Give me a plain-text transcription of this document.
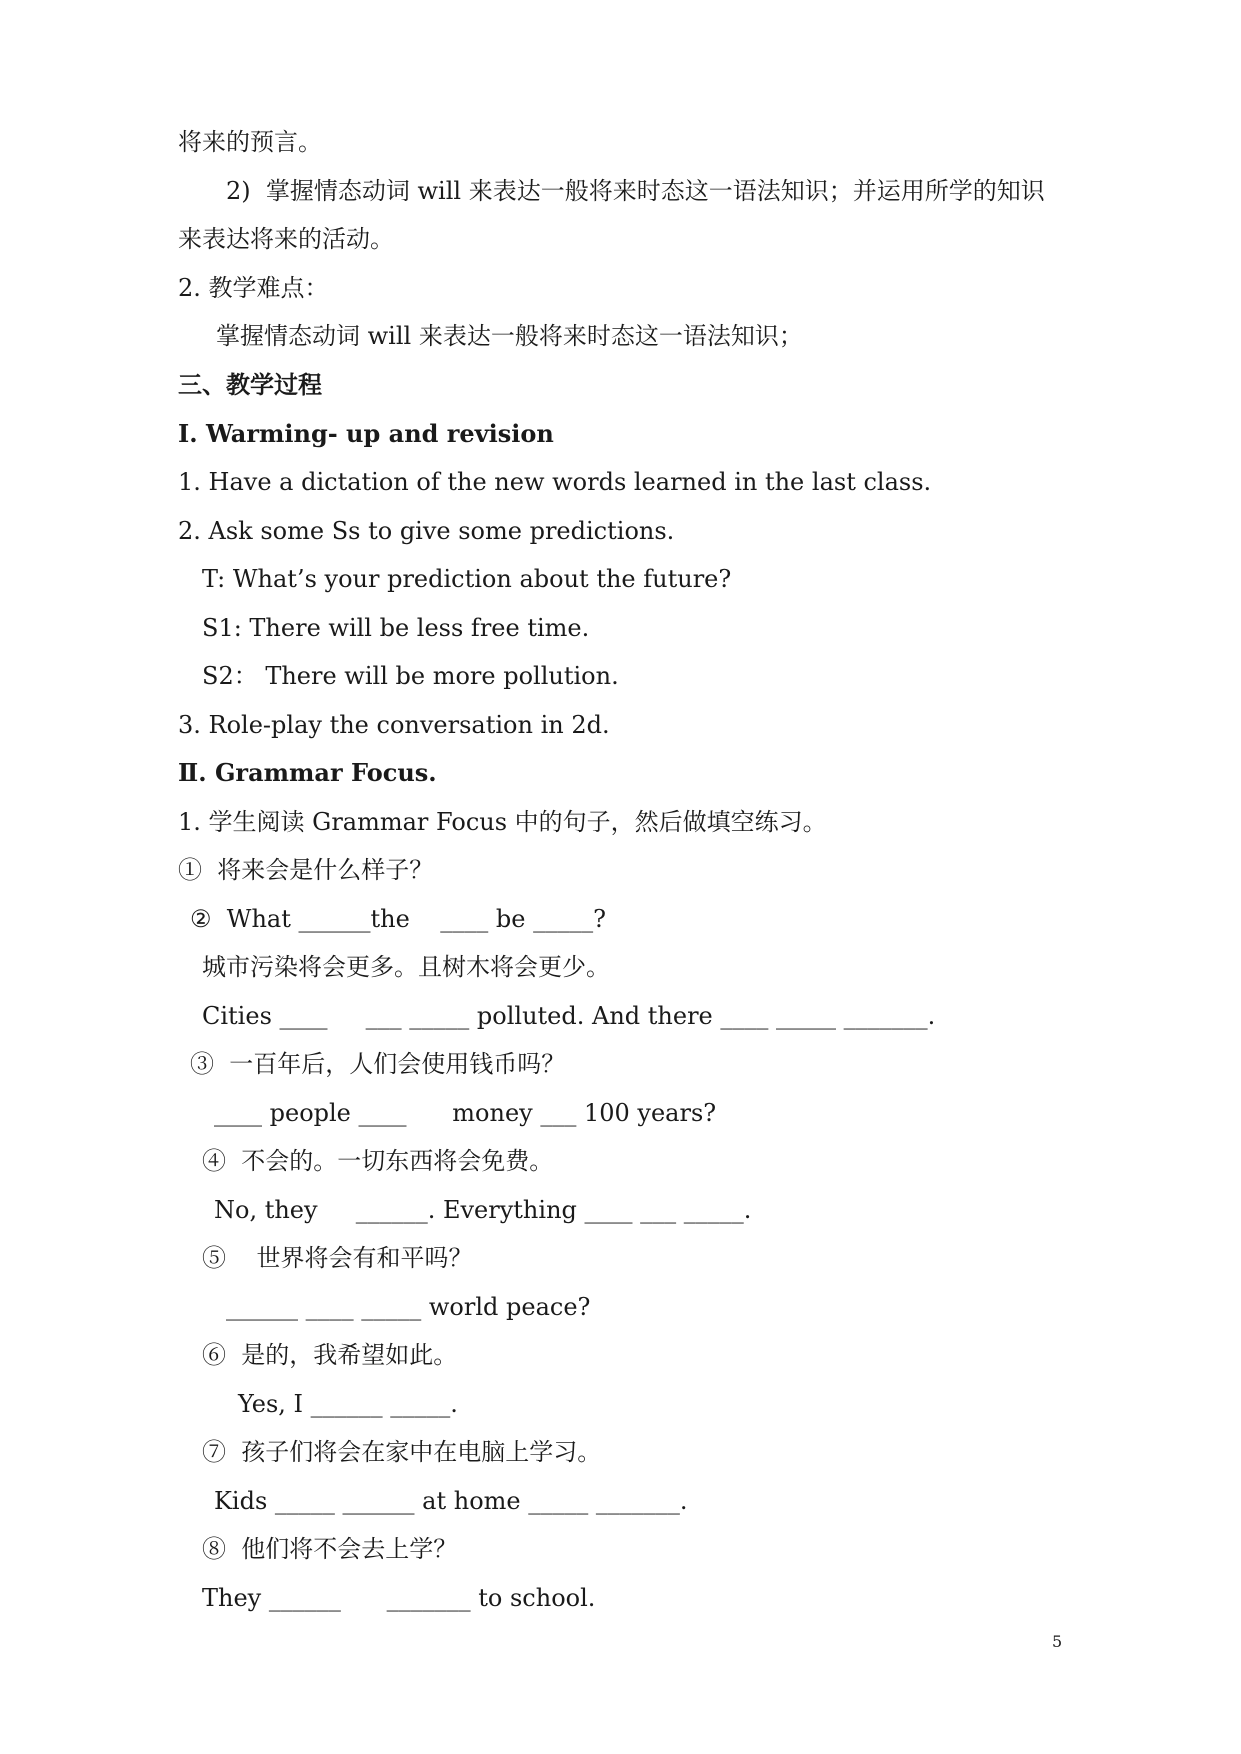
将来的预言。
2)  掌握情态动词 will 来表达一般将来时态这一语法知识；并运用所学的知识
来表达将来的活动。
2. 教学难点：
掌握情态动词 will 来表达一般将来时态这一语法知识；
三、教学过程
Ⅰ. Warming- up and revision
1. Have a dictation of the new words learned in the last class.
2. Ask some Ss to give some predictions.
T: What’s your prediction about the future?
S1: There will be less free time.
S2： There will be more pollution.
3. Role-play the conversation in 2d.
Ⅱ. Grammar Focus.
1. 学生阅读 Grammar Focus 中的句子，然后做填空练习。
①  将来会是什么样子？
②  What ______the    ____ be _____?
城市污染将会更多。且树木将会更少。
Cities ____     ___ _____ polluted. And there ____ _____ _______.
③  一百年后，人们会使用钱币吗？
____ people ____      money ___ 100 years?
④  不会的。一切东西将会免费。
No, they     ______. Everything ____ ___ _____.
⑤    世界将会有和平吗？
______ ____ _____ world peace?
⑥  是的，我希望如此。
Yes, I ______ _____.
⑦  孩子们将会在家中在电脑上学习。
Kids _____ ______ at home _____ _______.
⑧  他们将不会去上学？
They ______      _______ to school.
5
